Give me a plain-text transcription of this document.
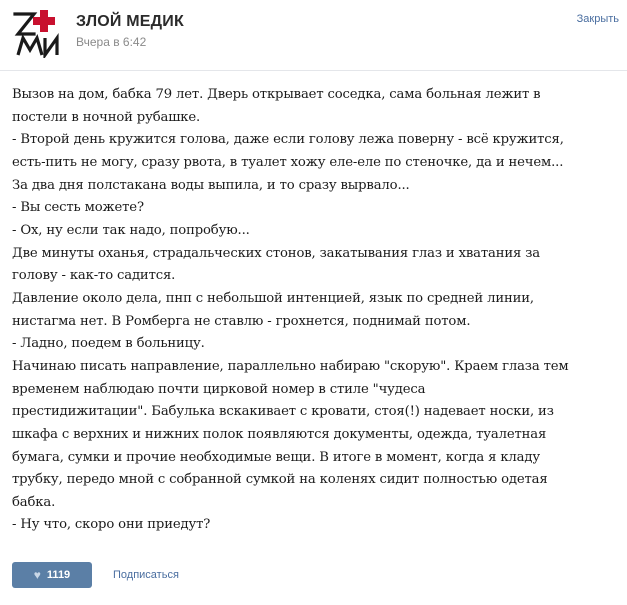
ЗЛОЙ МЕДИК
Вчера в 6:42
Закрыть

Вызов на дом, бабка 79 лет. Дверь открывает соседка, сама больная лежит в

постели в ночной рубашке.

- Второй день кружится голова, даже если голову лежа поверну - всё кружится,

есть-пить не могу, сразу рвота, в туалет хожу еле-еле по стеночке, да и нечем...

За два дня полстакана воды выпила, и то сразу вырвало...

- Вы сесть можете?

- Ох, ну если так надо, попробую...

Две минуты оханья, страдальческих стонов, закатывания глаз и хватания за

голову - как-то садится.

Давление около дела, пнп с небольшой интенцией, язык по средней линии,

нистагма нет. В Ромберга не ставлю - грохнется, поднимай потом.

- Ладно, поедем в больницу.

Начинаю писать направление, параллельно набираю "скорую". Краем глаза тем

временем наблюдаю почти цирковой номер в стиле "чудеса

престидижитации". Бабулька вскакивает с кровати, стоя(!) надевает носки, из

шкафа с верхних и нижних полок появляются документы, одежда, туалетная

бумага, сумки и прочие необходимые вещи. В итоге в момент, когда я кладу

трубку, передо мной с собранной сумкой на коленях сидит полностью одетая

бабка.

- Ну что, скоро они приедут?

♥ 1119	Подписаться
